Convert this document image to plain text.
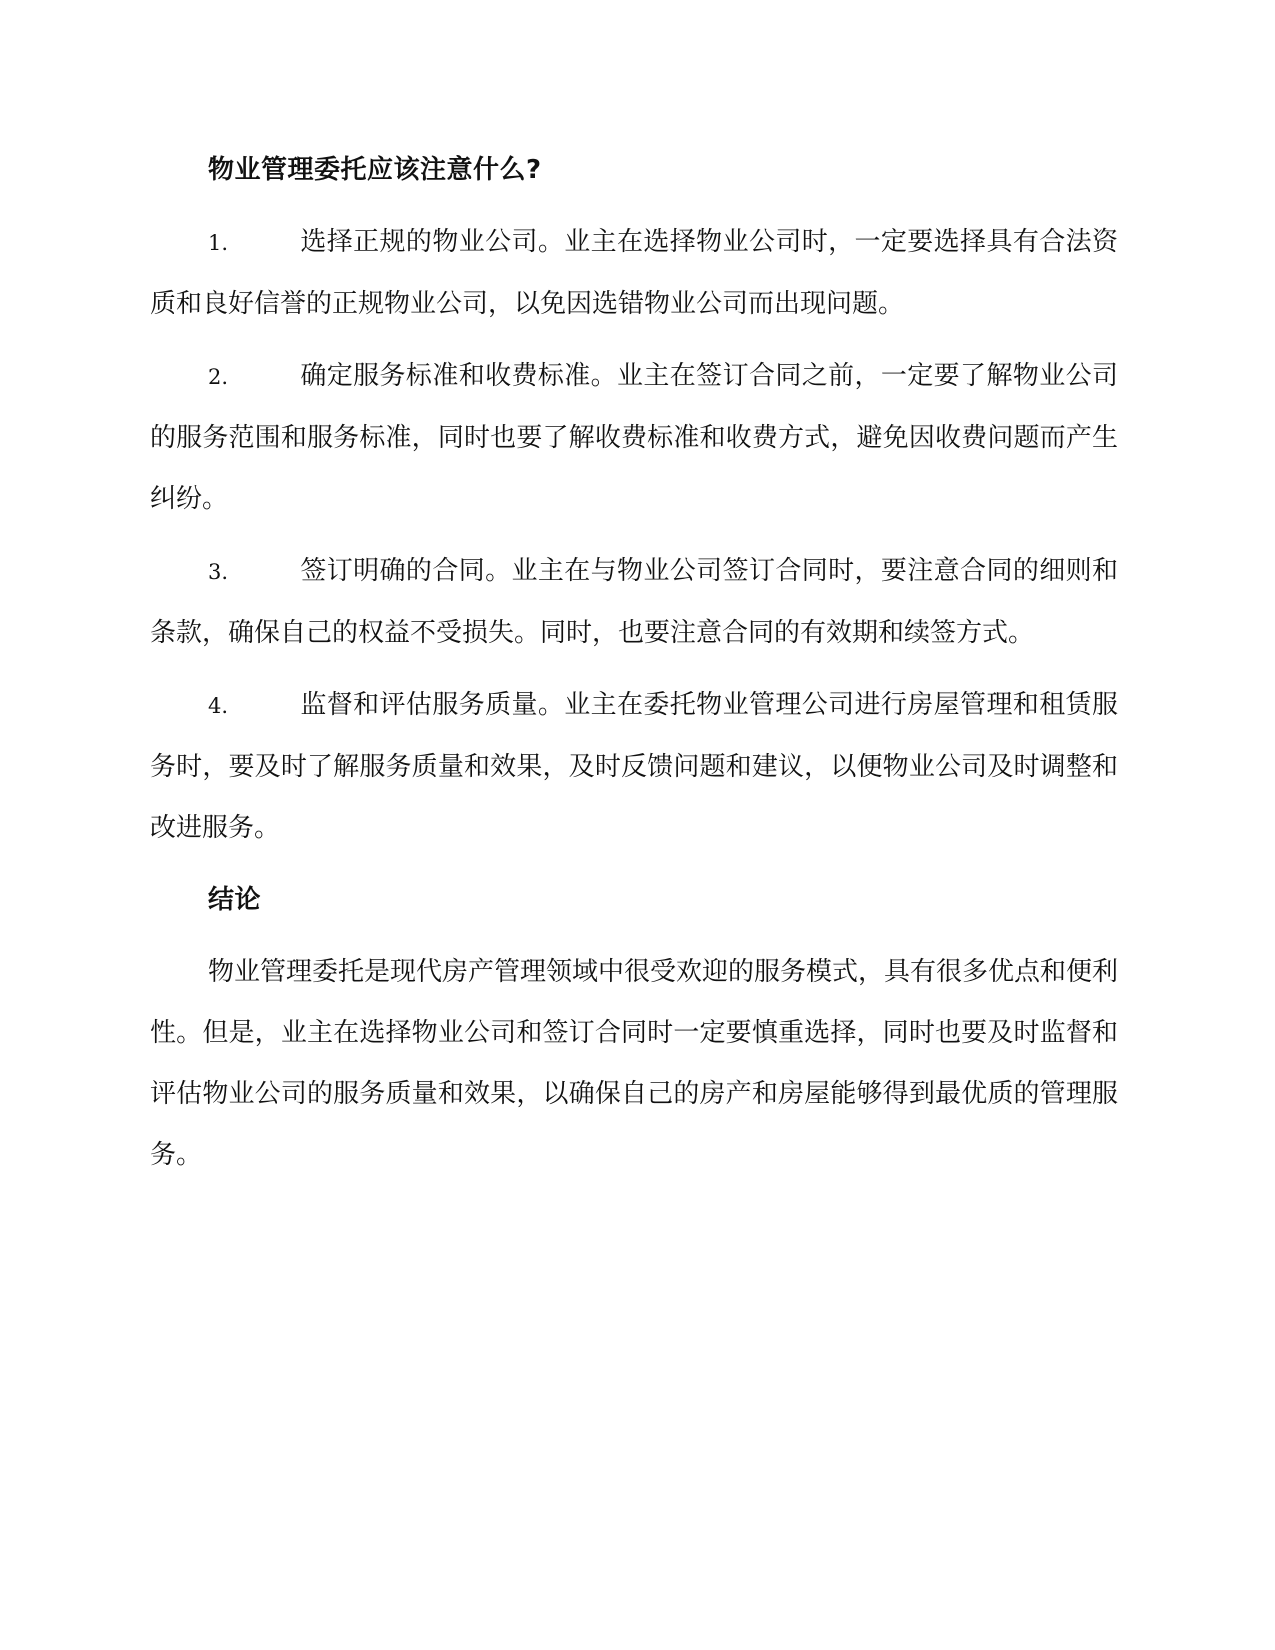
物业管理委托应该注意什么?
1.	选择正规的物业公司。业主在选择物业公司时，一定要选择具有合法资质和良好信誉的正规物业公司，以免因选错物业公司而出现问题。
2.	确定服务标准和收费标准。业主在签订合同之前，一定要了解物业公司的服务范围和服务标准，同时也要了解收费标准和收费方式，避免因收费问题而产生纠纷。
3.	签订明确的合同。业主在与物业公司签订合同时，要注意合同的细则和条款，确保自己的权益不受损失。同时，也要注意合同的有效期和续签方式。
4.	监督和评估服务质量。业主在委托物业管理公司进行房屋管理和租赁服务时，要及时了解服务质量和效果，及时反馈问题和建议，以便物业公司及时调整和改进服务。
结论

物业管理委托是现代房产管理领域中很受欢迎的服务模式，具有很多优点和便利性。但是，业主在选择物业公司和签订合同时一定要慎重选择，同时也要及时监督和评估物业公司的服务质量和效果，以确保自己的房产和房屋能够得到最优质的管理服务。
